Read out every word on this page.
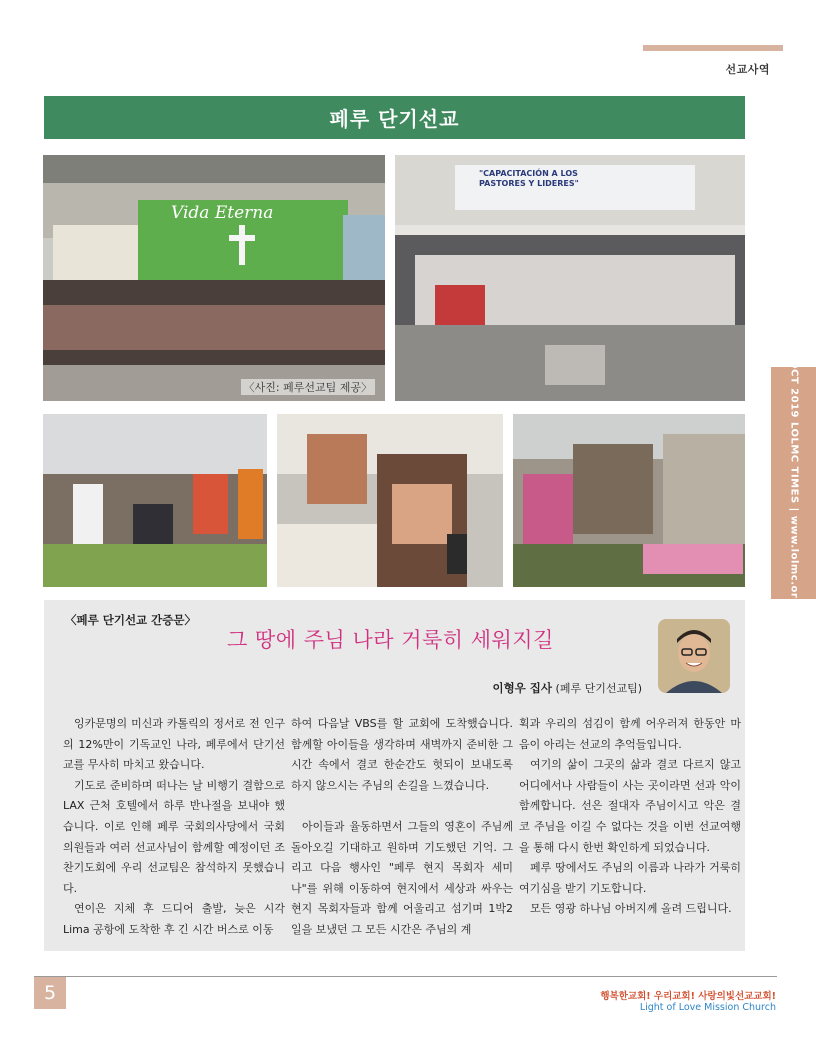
선교사역
페루 단기선교
OCT 2019 LOLMC TIMES | www.lolmc.org
Vida Eterna
〈사진: 페루선교팀 제공〉
"CAPACITACIÓN A LOS
PASTORES Y LIDERES"
〈페루 단기선교 간증문〉
그 땅에 주님 나라 거룩히 세워지길
이형우 집사 (페루 단기선교팀)

잉카문명의 미신과 카톨릭의 정서로 전 인구의 12%만이 기독교인 나라, 페루에서 단기선교를 무사히 마치고 왔습니다.

기도로 준비하며 떠나는 날 비행기 결함으로 LAX 근처 호텔에서 하루 반나절을 보내야 했습니다. 이로 인해 페루 국회의사당에서 국회의원들과 여러 선교사님이 함께할 예정이던 조찬기도회에 우리 선교팀은 참석하지 못했습니다.

연이은 지체 후 드디어 출발, 늦은 시각 Lima 공항에 도착한 후 긴 시간 버스로 이동

하여 다음날 VBS를 할 교회에 도착했습니다. 함께할 아이들을 생각하며 새벽까지 준비한 그 시간 속에서 결코 한순간도 헛되이 보내도록 하지 않으시는 주님의 손길을 느꼈습니다.

아이들과 율동하면서 그들의 영혼이 주님께 돌아오길 기대하고 원하며 기도했던 기억. 그리고 다음 행사인 "페루 현지 목회자 세미나"를 위해 이동하여 현지에서 세상과 싸우는 현지 목회자들과 함께 어울리고 섬기며 1박2일을 보냈던 그 모든 시간은 주님의 계

획과 우리의 섬김이 함께 어우러져 한동안 마음이 아리는 선교의 추억들입니다.

여기의 삶이 그곳의 삶과 결코 다르지 않고 어디에서나 사람들이 사는 곳이라면 선과 악이 함께합니다. 선은 절대자 주님이시고 악은 결코 주님을 이길 수 없다는 것을 이번 선교여행을 통해 다시 한번 확인하게 되었습니다.

페루 땅에서도 주님의 이름과 나라가 거룩히 여기심을 받기 기도합니다.

모든 영광 하나님 아버지께 올려 드립니다.

5	행복한교회! 우리교회! 사랑의빛선교교회!
Light of Love Mission Church
